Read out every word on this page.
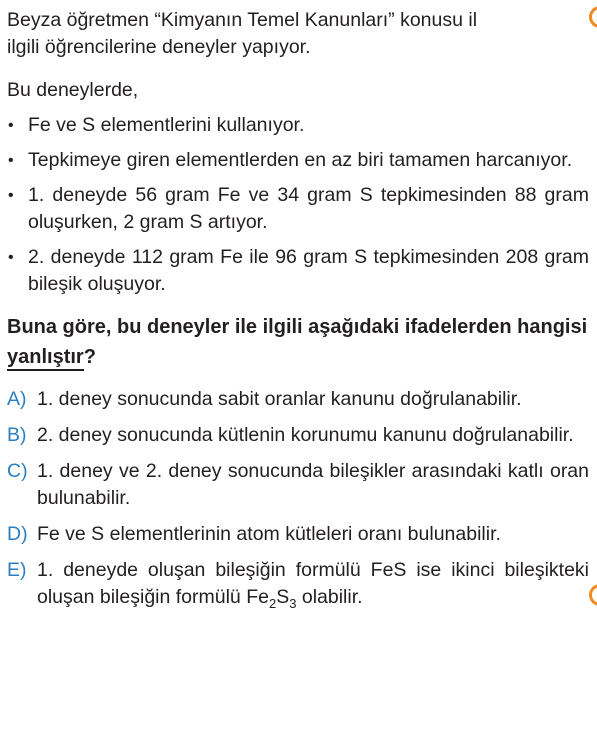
Beyza öğretmen “Kimyanın Temel Kanunları” konusu il

ilgili öğrencilerine deneyler yapıyor.

Bu deneylerde,

• Fe ve S elementlerini kullanıyor.
• Tepkimeye giren elementlerden en az biri tamamen harcanıyor.
• 1. deneyde 56 gram Fe ve 34 gram S tepkimesinden 88 gram oluşurken, 2 gram S artıyor.
• 2. deneyde 112 gram Fe ile 96 gram S tepkimesinden 208 gram bileşik oluşuyor.

Buna göre, bu deneyler ile ilgili aşağıdaki ifadelerden hangisi yanlıştır?

A) 1. deney sonucunda sabit oranlar kanunu doğrulanabilir.
B) 2. deney sonucunda kütlenin korunumu kanunu doğrulanabilir.
C) 1. deney ve 2. deney sonucunda bileşikler arasındaki katlı oran bulunabilir.
D) Fe ve S elementlerinin atom kütleleri oranı bulunabilir.
E) 1. deneyde oluşan bileşiğin formülü FeS ise ikinci bileşikteki oluşan bileşiğin formülü $Fe_2S_3$ olabilir.
